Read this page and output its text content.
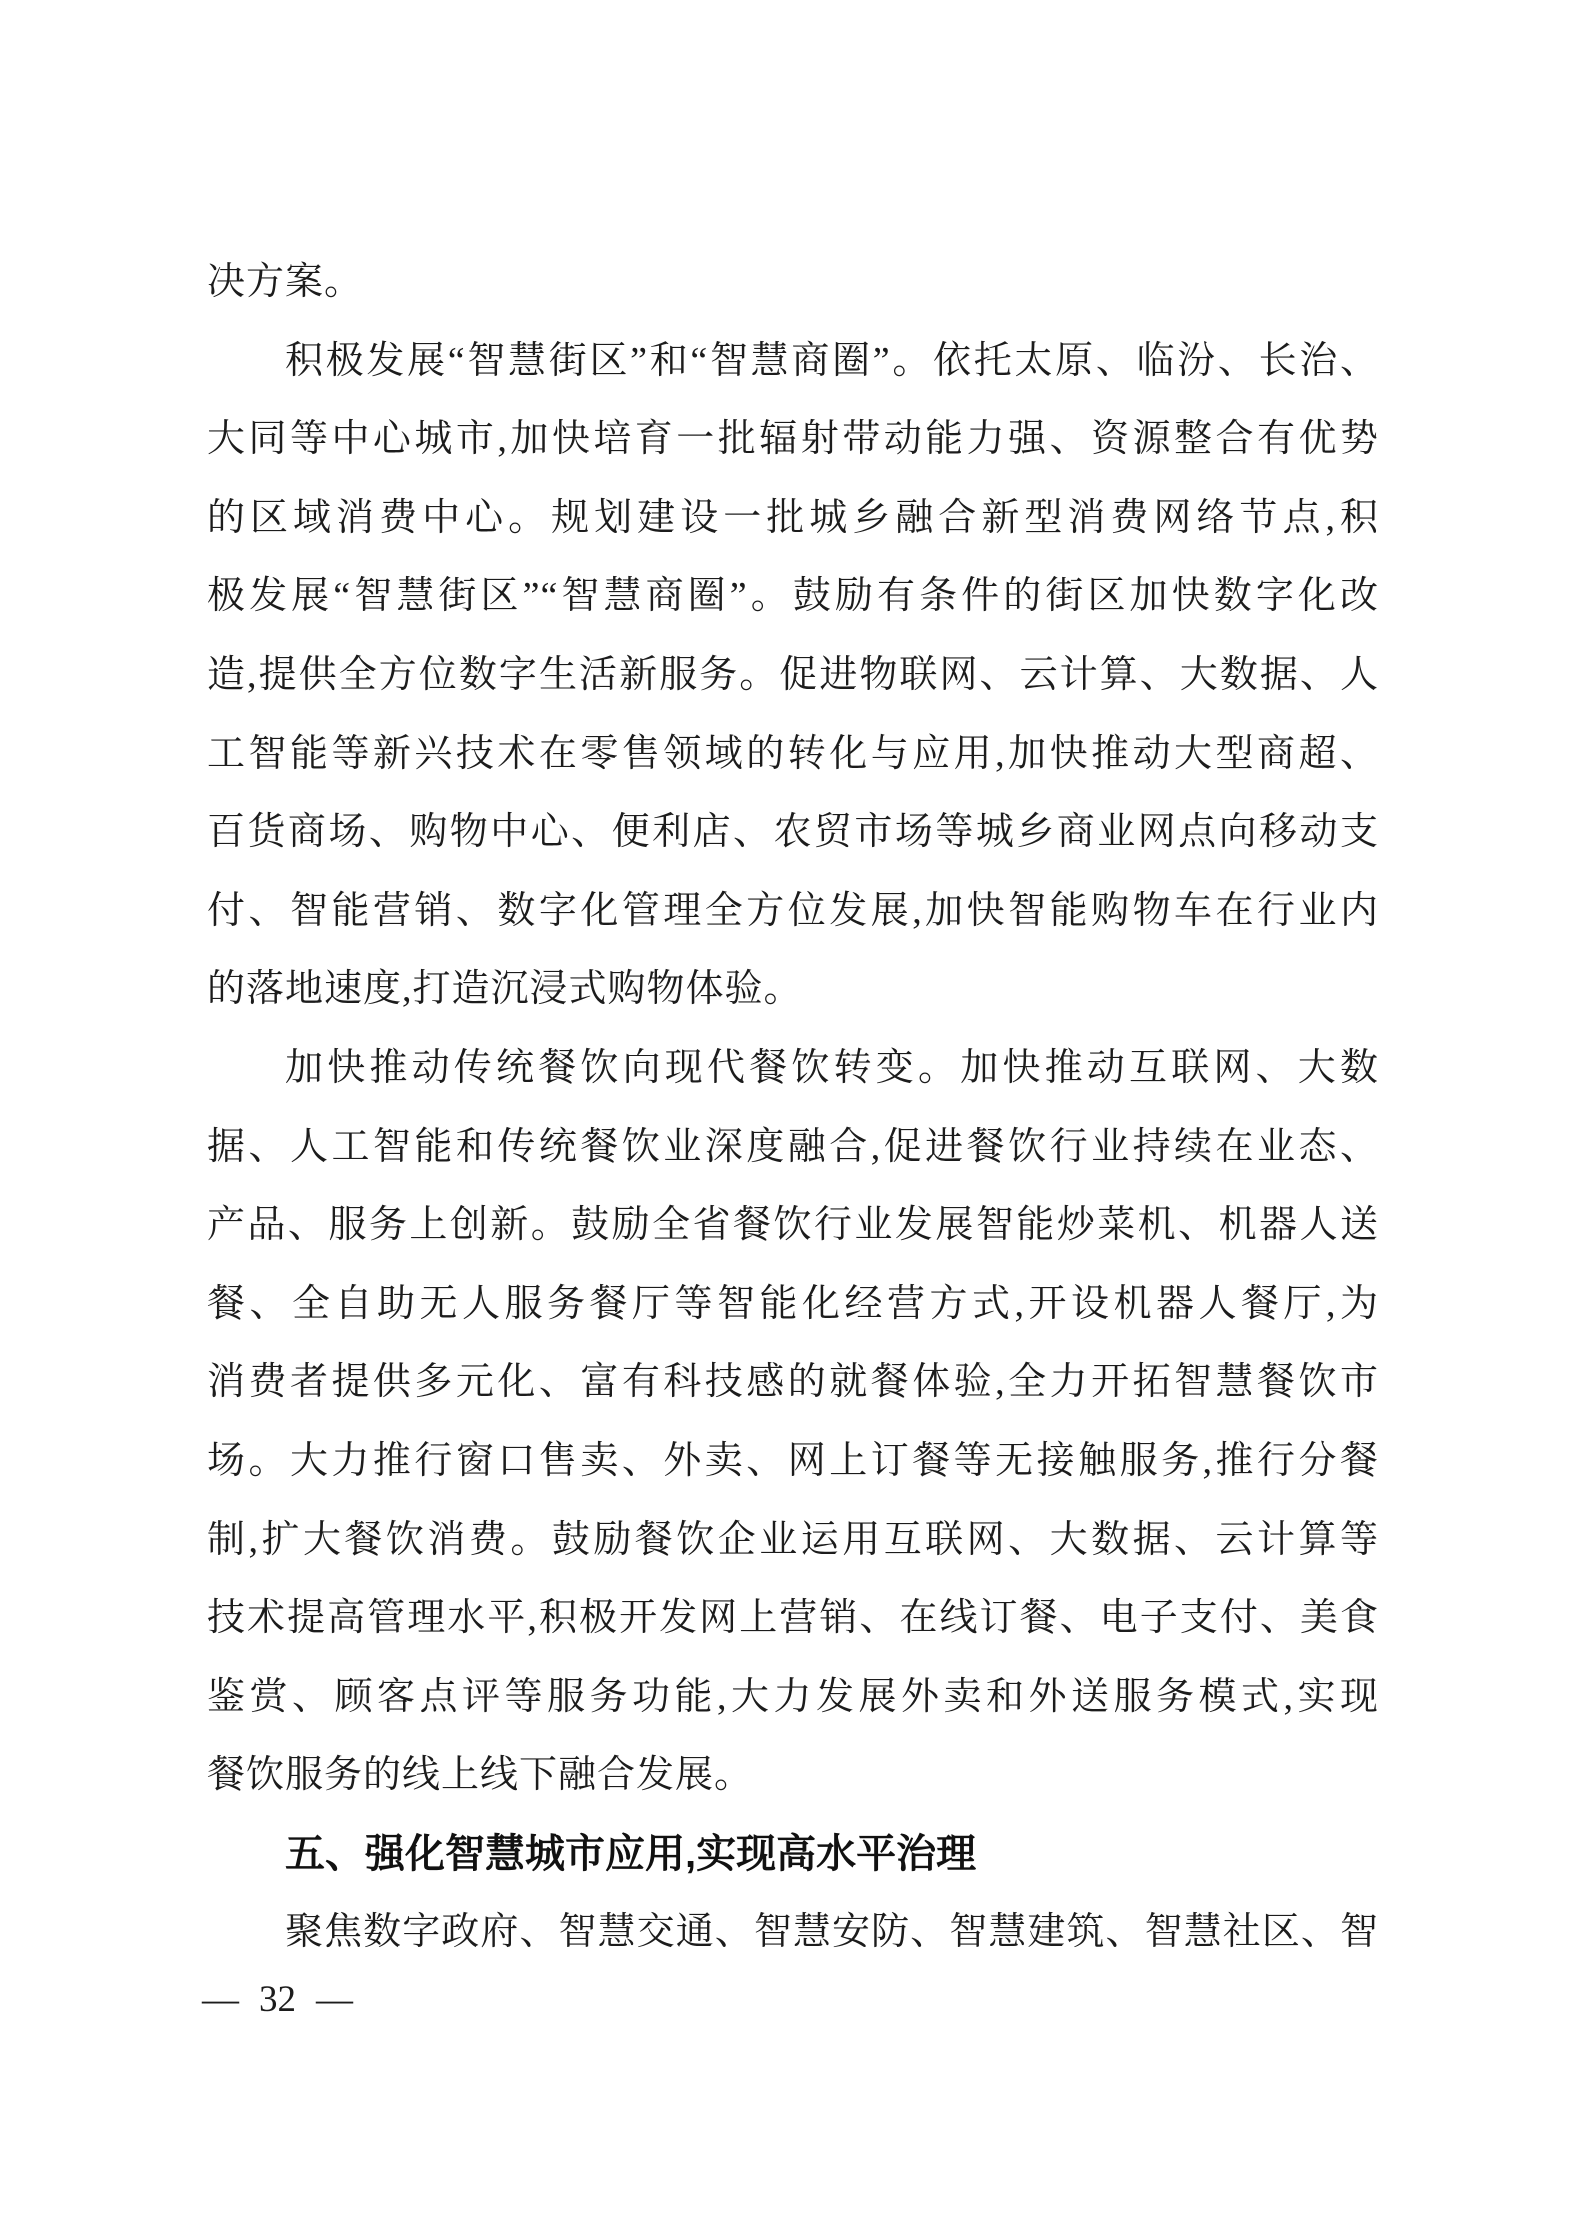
决方案。
积极发展“智慧街区”和“智慧商圈”。依托太原、临汾、长治、
大同等中心城市,加快培育一批辐射带动能力强、资源整合有优势
的区域消费中心。规划建设一批城乡融合新型消费网络节点,积
极发展“智慧街区”“智慧商圈”。鼓励有条件的街区加快数字化改
造,提供全方位数字生活新服务。促进物联网、云计算、大数据、人
工智能等新兴技术在零售领域的转化与应用,加快推动大型商超、
百货商场、购物中心、便利店、农贸市场等城乡商业网点向移动支
付、智能营销、数字化管理全方位发展,加快智能购物车在行业内
的落地速度,打造沉浸式购物体验。
加快推动传统餐饮向现代餐饮转变。加快推动互联网、大数
据、人工智能和传统餐饮业深度融合,促进餐饮行业持续在业态、
产品、服务上创新。鼓励全省餐饮行业发展智能炒菜机、机器人送
餐、全自助无人服务餐厅等智能化经营方式,开设机器人餐厅,为
消费者提供多元化、富有科技感的就餐体验,全力开拓智慧餐饮市
场。大力推行窗口售卖、外卖、网上订餐等无接触服务,推行分餐
制,扩大餐饮消费。鼓励餐饮企业运用互联网、大数据、云计算等
技术提高管理水平,积极开发网上营销、在线订餐、电子支付、美食
鉴赏、顾客点评等服务功能,大力发展外卖和外送服务模式,实现
餐饮服务的线上线下融合发展。
五、强化智慧城市应用,实现高水平治理
聚焦数字政府、智慧交通、智慧安防、智慧建筑、智慧社区、智
— 32 —
